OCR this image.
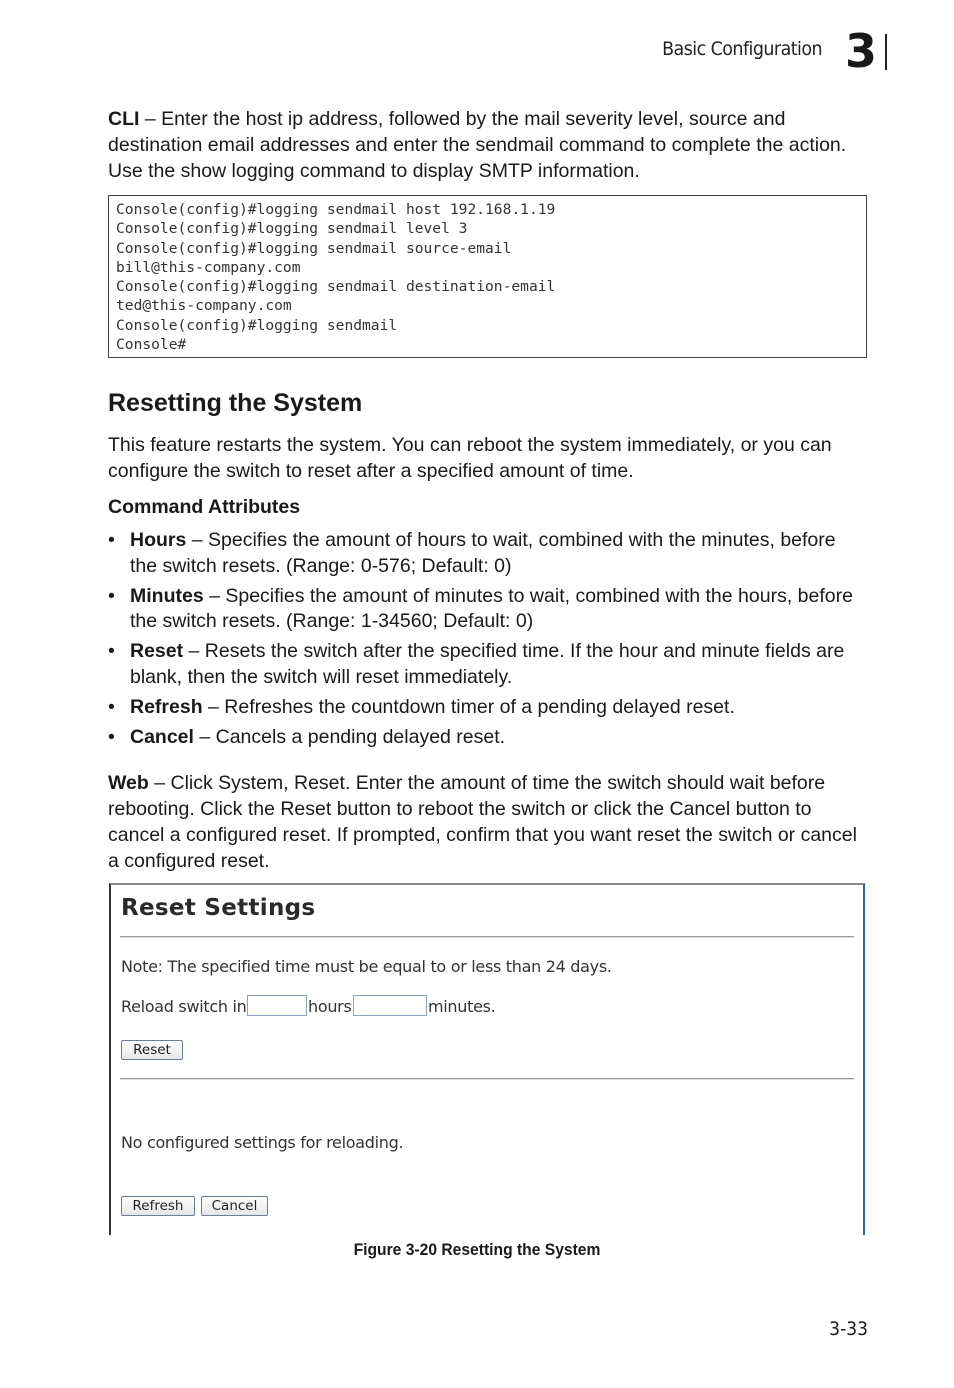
Basic Configuration 3

CLI – Enter the host ip address, followed by the mail severity level, source and destination email addresses and enter the sendmail command to complete the action. Use the show logging command to display SMTP information.

Console(config)#logging sendmail host 192.168.1.19
Console(config)#logging sendmail level 3
Console(config)#logging sendmail source-email
bill@this-company.com
Console(config)#logging sendmail destination-email
ted@this-company.com
Console(config)#logging sendmail
Console#
Resetting the System

This feature restarts the system. You can reboot the system immediately, or you can configure the switch to reset after a specified amount of time.

Command Attributes
• Hours – Specifies the amount of hours to wait, combined with the minutes, before the switch resets. (Range: 0-576; Default: 0)
• Minutes – Specifies the amount of minutes to wait, combined with the hours, before the switch resets. (Range: 1-34560; Default: 0)
• Reset – Resets the switch after the specified time. If the hour and minute fields are blank, then the switch will reset immediately.
• Refresh – Refreshes the countdown timer of a pending delayed reset.
• Cancel – Cancels a pending delayed reset.

Web – Click System, Reset. Enter the amount of time the switch should wait before rebooting. Click the Reset button to reboot the switch or click the Cancel button to cancel a configured reset. If prompted, confirm that you want reset the switch or cancel a configured reset.

Reset Settings
Note: The specified time must be equal to or less than 24 days.
Reload switch in	hours	minutes.
Reset
No configured settings for reloading.
Refresh	Cancel
Figure 3-20 Resetting the System
3-33
